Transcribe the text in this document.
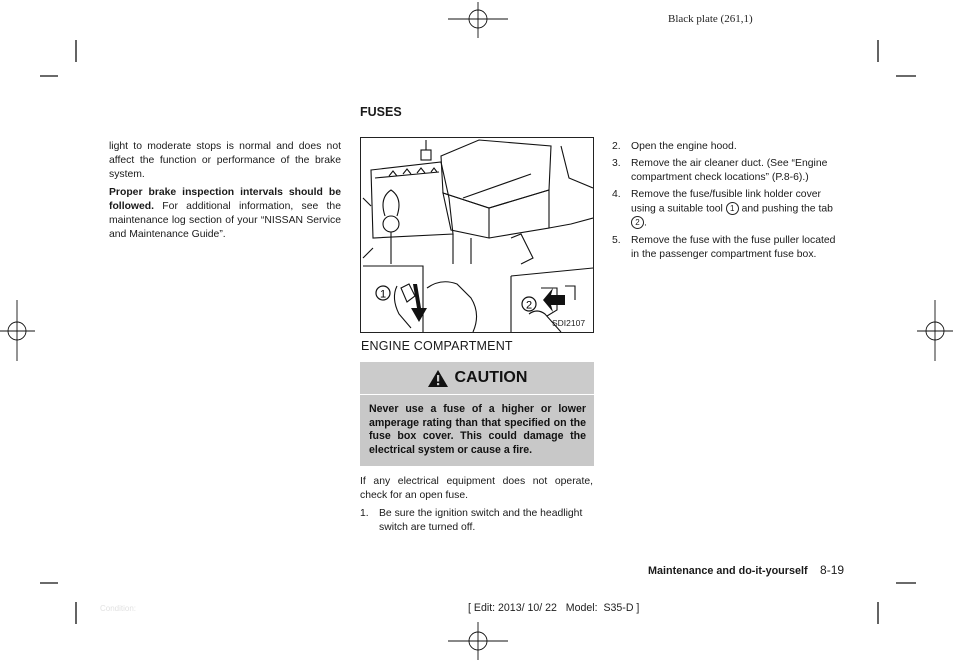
Black plate (261,1)

light to moderate stops is normal and does not affect the function or performance of the brake system.

Proper brake inspection intervals should be followed. For additional information, see the maintenance log section of your “NISSAN Service and Maintenance Guide”.

FUSES
1
2
SDI2107
ENGINE COMPARTMENT
CAUTION
Never use a fuse of a higher or lower amperage rating than that specified on the fuse box cover. This could damage the electrical system or cause a fire.

If any electrical equipment does not operate, check for an open fuse.

1. Be sure the ignition switch and the headlight switch are turned off.
2. Open the engine hood.
3. Remove the air cleaner duct. (See “Engine compartment check locations” (P.8-6).)
4. Remove the fuse/fusible link holder cover using a suitable tool 1 and pushing the tab 2 .
5. Remove the fuse with the fuse puller located in the passenger compartment fuse box.
Maintenance and do-it-yourself 8-19
[ Edit: 2013/ 10/ 22   Model:  S35-D ]
Condition:
